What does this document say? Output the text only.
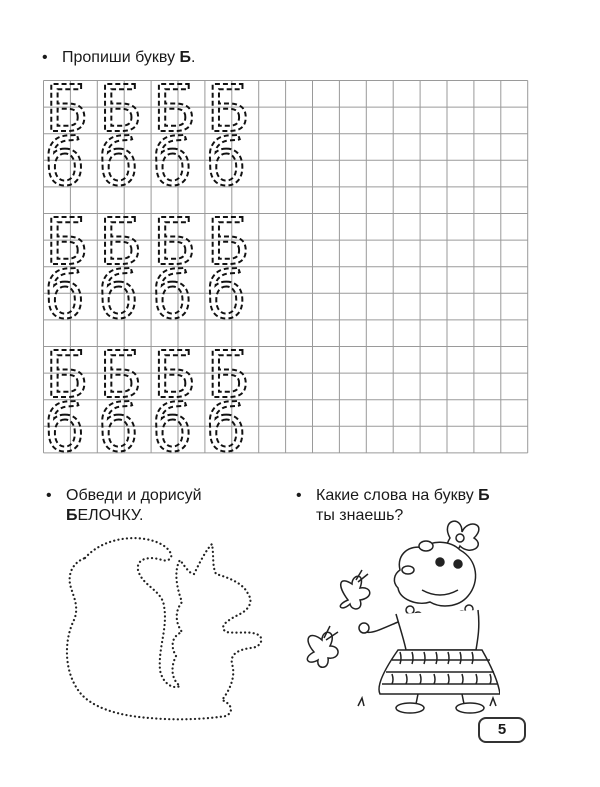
• Пропиши букву Б.
Б
б
Б
б
Б
б
Б
б
Б
б
Б
б
Б
б
Б
б
Б
б
Б
б
Б
б
Б
б
• Обведи и дорисуй
БЕЛОЧКУ.
• Какие слова на букву Б
ты знаешь?
5
